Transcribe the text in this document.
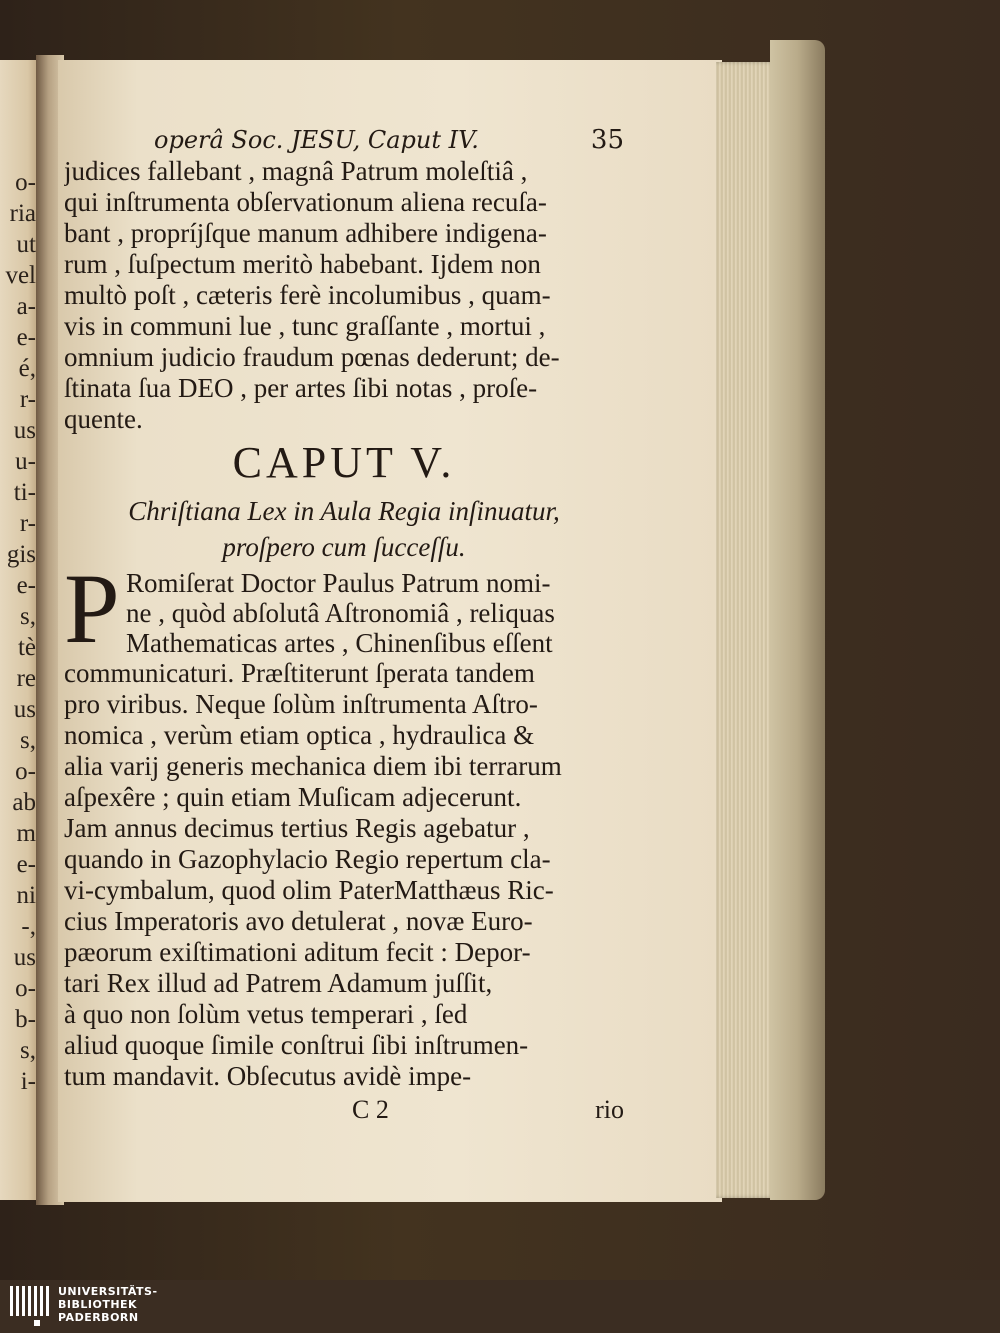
o-
ria
ut
vel
a-
e-
é,
r-
us
u-
ti-
r-
gis
e-
s,
tè
re
us
s,
o-
ab
m
e-
ni
-,
us
o-
b-
s,
i-
operâ Soc. JESU, Caput IV.	35
judices fallebant , magnâ Patrum moleſtiâ ,
qui inſtrumenta obſervationum aliena recuſa-
bant , propríjſque manum adhibere indigena-
rum , ſuſpectum meritò habebant. Ijdem non
multò poſt , cæteris ferè incolumibus , quam-
vis in communi lue , tunc graſſante , mortui ,
omnium judicio fraudum pœnas dederunt; de-
ſtinata ſua DEO , per artes ſibi notas , proſe-
quente.
CAPUT V.
Chriſtiana Lex in Aula Regia inſinuatur,
proſpero cum ſucceſſu.
P Romiſerat Doctor Paulus Patrum nomi-
ne , quòd abſolutâ Aſtronomiâ , reliquas
Mathematicas artes , Chinenſibus eſſent
communicaturi. Præſtiterunt ſperata tandem
pro viribus. Neque ſolùm inſtrumenta Aſtro-
nomica , verùm etiam optica , hydraulica &
alia varij generis mechanica diem ibi terrarum
aſpexêre ; quin etiam Muſicam adjecerunt.
Jam annus decimus tertius Regis agebatur ,
quando in Gazophylacio Regio repertum cla-
vi-cymbalum, quod olim PaterMatthæus Ric-
cius Imperatoris avo detulerat , novæ Euro-
pæorum exiſtimationi aditum fecit : Depor-
tari Rex illud ad Patrem Adamum juſſit,
à quo non ſolùm vetus temperari , ſed
aliud quoque ſimile conſtrui ſibi inſtrumen-
tum mandavit. Obſecutus avidè impe-
C 2	rio
UNIVERSITÄTS-
BIBLIOTHEK
PADERBORN
